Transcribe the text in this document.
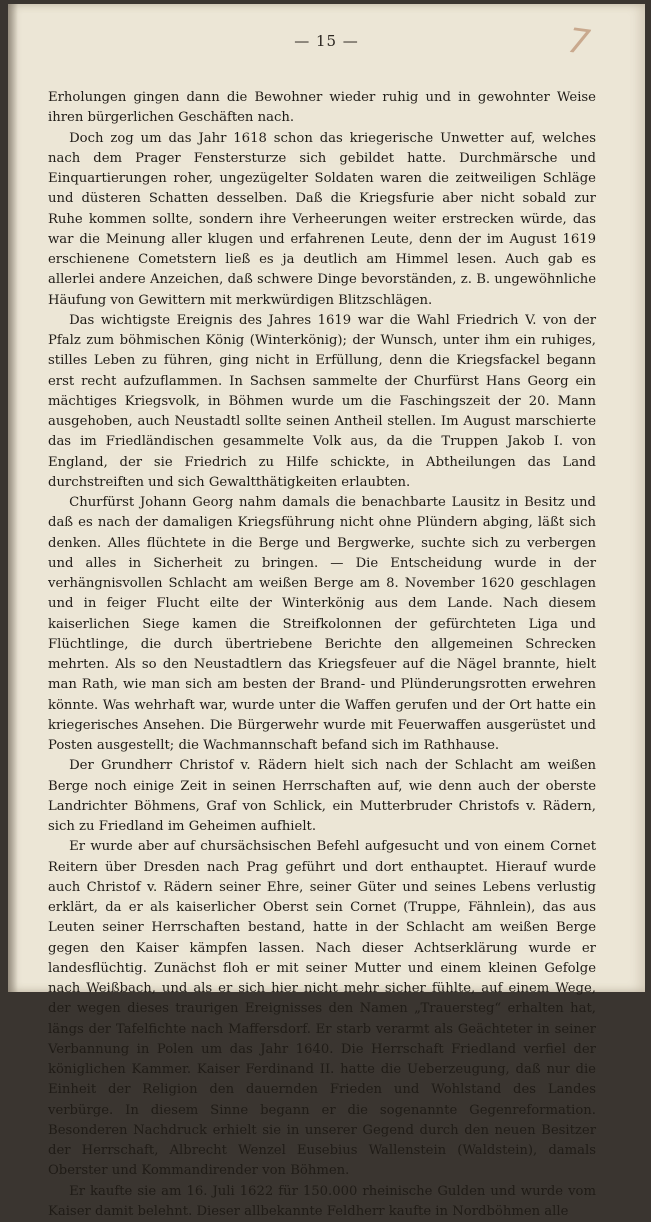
— 15 —	7

Erholungen gingen dann die Bewohner wieder ruhig und in gewohnter Weise ihren bürgerlichen Geschäften nach.

Doch zog um das Jahr 1618 schon das kriegerische Unwetter auf, welches nach dem Prager Fenstersturze sich gebildet hatte. Durchmärsche und Einquartierungen roher, ungezügelter Soldaten waren die zeitweiligen Schläge und düsteren Schatten desselben. Daß die Kriegsfurie aber nicht sobald zur Ruhe kommen sollte, sondern ihre Verheerungen weiter erstrecken würde, das war die Meinung aller klugen und erfahrenen Leute, denn der im August 1619 erschienene Cometstern ließ es ja deutlich am Himmel lesen. Auch gab es allerlei andere Anzeichen, daß schwere Dinge bevorständen, z. B. ungewöhnliche Häufung von Gewittern mit merkwürdigen Blitzschlägen.

Das wichtigste Ereignis des Jahres 1619 war die Wahl Friedrich V. von der Pfalz zum böhmischen König (Winterkönig); der Wunsch, unter ihm ein ruhiges, stilles Leben zu führen, ging nicht in Erfüllung, denn die Kriegsfackel begann erst recht aufzuflammen. In Sachsen sammelte der Churfürst Hans Georg ein mächtiges Kriegsvolk, in Böhmen wurde um die Faschingszeit der 20. Mann ausgehoben, auch Neustadtl sollte seinen Antheil stellen. Im August marschierte das im Friedländischen gesammelte Volk aus, da die Truppen Jakob I. von England, der sie Friedrich zu Hilfe schickte, in Abtheilungen das Land durchstreiften und sich Gewaltthätigkeiten erlaubten.

Churfürst Johann Georg nahm damals die benachbarte Lausitz in Besitz und daß es nach der damaligen Kriegsführung nicht ohne Plündern abging, läßt sich denken. Alles flüchtete in die Berge und Bergwerke, suchte sich zu verbergen und alles in Sicherheit zu bringen. — Die Entscheidung wurde in der verhängnisvollen Schlacht am weißen Berge am 8. November 1620 geschlagen und in feiger Flucht eilte der Winterkönig aus dem Lande. Nach diesem kaiserlichen Siege kamen die Streifkolonnen der gefürchteten Liga und Flüchtlinge, die durch übertriebene Berichte den allgemeinen Schrecken mehrten. Als so den Neustadtlern das Kriegsfeuer auf die Nägel brannte, hielt man Rath, wie man sich am besten der Brand- und Plünderungsrotten erwehren könnte. Was wehrhaft war, wurde unter die Waffen gerufen und der Ort hatte ein kriegerisches Ansehen. Die Bürgerwehr wurde mit Feuerwaffen ausgerüstet und Posten ausgestellt; die Wachmannschaft befand sich im Rathhause.

Der Grundherr Christof v. Rädern hielt sich nach der Schlacht am weißen Berge noch einige Zeit in seinen Herrschaften auf, wie denn auch der oberste Landrichter Böhmens, Graf von Schlick, ein Mutterbruder Christofs v. Rädern, sich zu Friedland im Geheimen aufhielt.

Er wurde aber auf chursächsischen Befehl aufgesucht und von einem Cornet Reitern über Dresden nach Prag geführt und dort enthauptet. Hierauf wurde auch Christof v. Rädern seiner Ehre, seiner Güter und seines Lebens verlustig erklärt, da er als kaiserlicher Oberst sein Cornet (Truppe, Fähnlein), das aus Leuten seiner Herrschaften bestand, hatte in der Schlacht am weißen Berge gegen den Kaiser kämpfen lassen. Nach dieser Achtserklärung wurde er landesflüchtig. Zunächst floh er mit seiner Mutter und einem kleinen Gefolge nach Weißbach, und als er sich hier nicht mehr sicher fühlte, auf einem Wege, der wegen dieses traurigen Ereignisses den Namen „Trauersteg“ erhalten hat, längs der Tafelfichte nach Maffersdorf. Er starb verarmt als Geächteter in seiner Verbannung in Polen um das Jahr 1640. Die Herrschaft Friedland verfiel der königlichen Kammer. Kaiser Ferdinand II. hatte die Ueberzeugung, daß nur die Einheit der Religion den dauernden Frieden und Wohlstand des Landes verbürge. In diesem Sinne begann er die sogenannte Gegenreformation. Besonderen Nachdruck erhielt sie in unserer Gegend durch den neuen Besitzer der Herrschaft, Albrecht Wenzel Eusebius Wallenstein (Waldstein), damals Oberster und Kommandirender von Böhmen.

Er kaufte sie am 16. Juli 1622 für 150.000 rheinische Gulden und wurde vom Kaiser damit belehnt. Dieser allbekannte Feldherr kaufte in Nordböhmen alle
